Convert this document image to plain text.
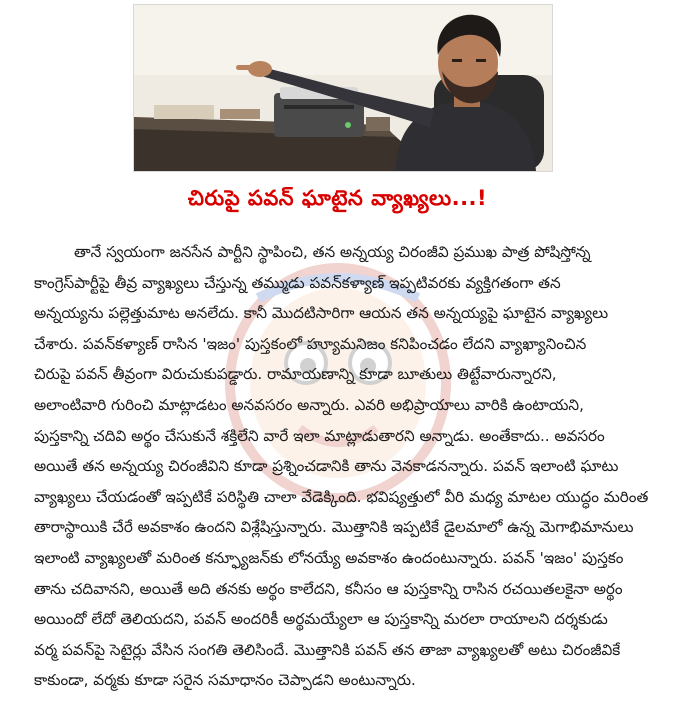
చిరుపై పవన్ ఘాటైన వ్యాఖ్యలు...!

తానే స్వయంగా జనసేన పార్టీని స్థాపించి, తన అన్నయ్య చిరంజీవి ప్రముఖ పాత్ర పోషిస్తోన్న

కాంగ్రెస్‌పార్టీపై తీవ్ర వ్యాఖ్యలు చేస్తున్న తమ్ముడు పవన్‌కళ్యాణ్ ఇప్పటివరకు వ్యక్తిగతంగా తన

అన్నయ్యను పల్లెత్తుమాట అనలేదు. కానీ మొదటిసారిగా ఆయన తన అన్నయ్యపై ఘాటైన వ్యాఖ్యలు

చేశారు. పవన్‌కళ్యాణ్ రాసిన 'ఇజం' పుస్తకంలో హ్యూమనిజం కనిపించడం లేదని వ్యాఖ్యానించిన

చిరుపై పవన్ తీవ్రంగా విరుచుకుపడ్డారు. రామాయణాన్ని కూడా బూతులు తిట్టేవారున్నారని,

అలాంటివారి గురించి మాట్లాడటం అనవసరం అన్నారు. ఎవరి అభిప్రాయాలు వారికి ఉంటాయని,

పుస్తకాన్ని చదివి అర్థం చేసుకునే శక్తిలేని వారే ఇలా మాట్లాడుతారని అన్నాడు. అంతేకాదు.. అవసరం

అయితే తన అన్నయ్య చిరంజీవిని కూడా ప్రశ్నించడానికి తాను వెనకాడనన్నారు. పవన్ ఇలాంటి ఘాటు

వ్యాఖ్యలు చేయడంతో ఇప్పటికే పరిస్థితి చాలా వేడెక్కింది. భవిష్యత్తులో వీరి మధ్య మాటల యుద్ధం మరింత

తారాస్థాయికి చేరే అవకాశం ఉందని విశ్లేషిస్తున్నారు. మొత్తానికి ఇప్పటికే డైలమాలో ఉన్న మెగాభిమానులు

ఇలాంటి వ్యాఖ్యలతో మరింత కన్ఫ్యూజన్‌కు లోనయ్యే అవకాశం ఉందంటున్నారు. పవన్ 'ఇజం' పుస్తకం

తాను చదివానని, అయితే అది తనకు అర్థం కాలేదని, కనీసం ఆ పుస్తకాన్ని రాసిన రచయితలకైనా అర్థం

అయిందో లేదో తెలియదని, పవన్ అందరికీ అర్థమయ్యేలా ఆ పుస్తకాన్ని మరలా రాయాలని దర్శకుడు

వర్మ పవన్‌పై సెటైర్లు వేసిన సంగతి తెలిసిందే. మొత్తానికి పవన్ తన తాజా వ్యాఖ్యలతో అటు చిరంజీవికే

కాకుండా, వర్మకు కూడా సరైన సమాధానం చెప్పాడని అంటున్నారు.
